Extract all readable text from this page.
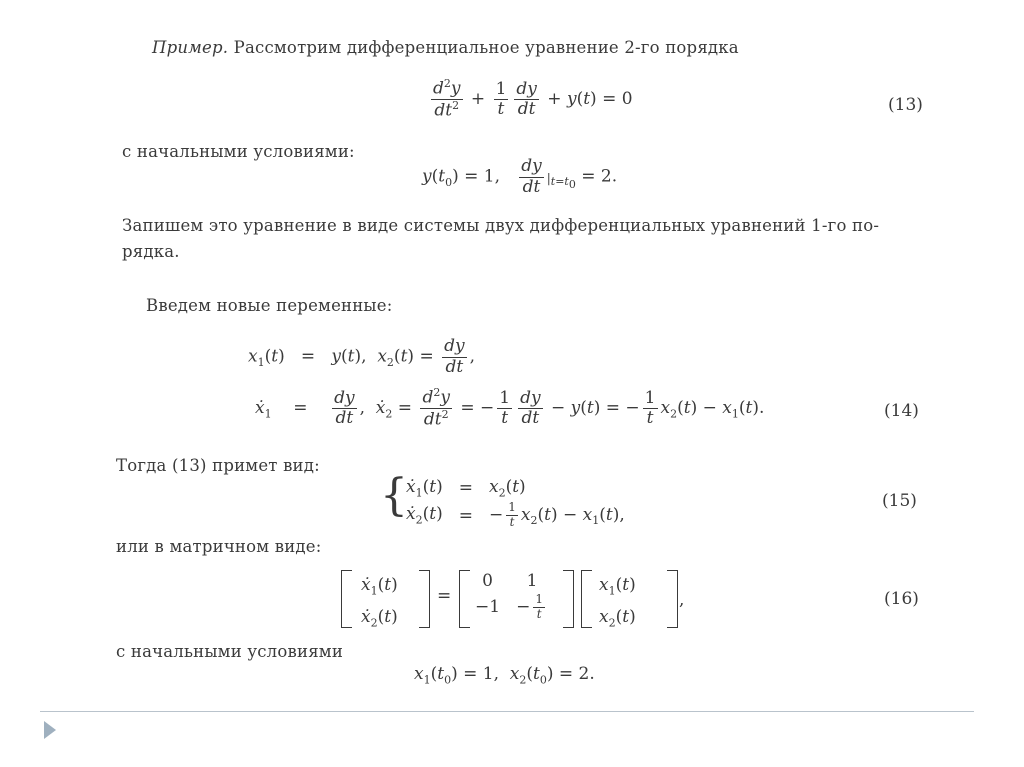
Пример. Рассмотрим дифференциальное уравнение 2-го порядка
$\frac{d^2y}{dt^2} + \frac{1}{t} \frac{dy}{dt} + y(t) = 0$	(13)
с начальными условиями:
$y(t_0) = 1$, $\frac{dy}{dt} |_{t=t_0} = 2$.
Запишем это уравнение в виде системы двух дифференциальных уравнений 1-го по-
рядка.
Введем новые переменные:
$x_1(t) = y(t)$,  $x_2(t) = \frac{dy}{dt}$ ,
ẋ$_1$    = $\frac{dy}{dt}$ ,  ẋ$_2$ = $\frac{d^2y}{dt^2}$ = − $\frac{1}{t} \frac{dy}{dt} - y(t)$ = − $\frac{1}{t} x_2(t) - x_1(t)$.	(14)
Тогда (13) примет вид:
{
ẋ$_1$(t)	=	$x_2(t)$
ẋ$_2$(t)	=	− $\frac{1}{t} x_2(t) - x_1(t)$,
(15)
или в матричном виде:
ẋ$_1$(t)
ẋ$_2$(t)
=
0	1
−1	− $\frac{1}{t}$
$x_1(t)$
$x_2(t)$
,	(16)
с начальными условиями
$x_1(t_0) = 1$,  $x_2(t_0) = 2$.
